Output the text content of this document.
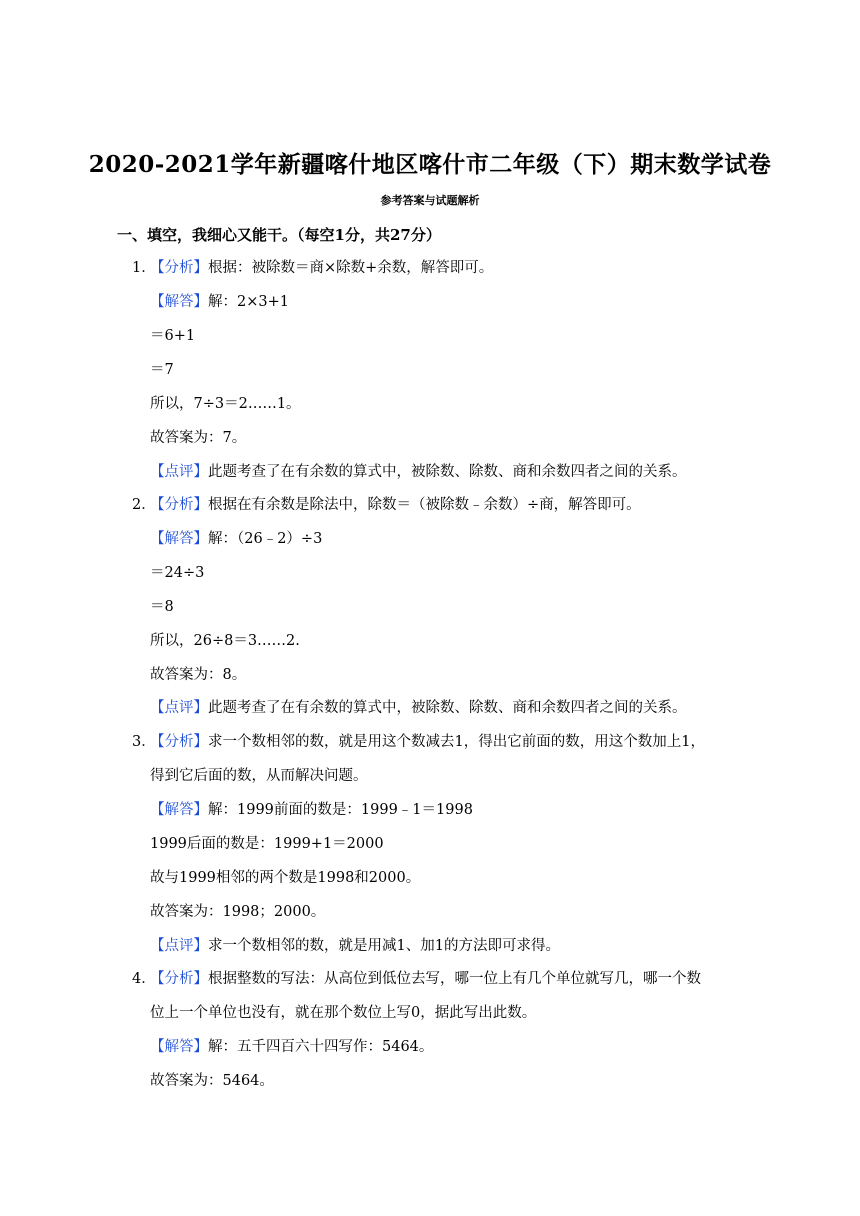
2020-2021学年新疆喀什地区喀什市二年级（下）期末数学试卷
参考答案与试题解析
一、填空，我细心又能干。（每空1分，共27分）
1．
【分析】根据：被除数＝商×除数+余数，解答即可。
【解答】解：2×3+1
＝6+1
＝7
所以，7÷3＝2……1。
故答案为：7。
【点评】此题考查了在有余数的算式中，被除数、除数、商和余数四者之间的关系。
2．
【分析】根据在有余数是除法中，除数＝（被除数﹣余数）÷商，解答即可。
【解答】解：（26﹣2）÷3
＝24÷3
＝8
所以，26÷8＝3……2.
故答案为：8。
【点评】此题考查了在有余数的算式中，被除数、除数、商和余数四者之间的关系。
3．
【分析】求一个数相邻的数，就是用这个数减去1，得出它前面的数，用这个数加上1，
得到它后面的数，从而解决问题。
【解答】解：1999前面的数是：1999﹣1＝1998
1999后面的数是：1999+1＝2000
故与1999相邻的两个数是1998和2000。
故答案为：1998；2000。
【点评】求一个数相邻的数，就是用减1、加1的方法即可求得。
4．
【分析】根据整数的写法：从高位到低位去写，哪一位上有几个单位就写几，哪一个数
位上一个单位也没有，就在那个数位上写0，据此写出此数。
【解答】解：五千四百六十四写作：5464。
故答案为：5464。
